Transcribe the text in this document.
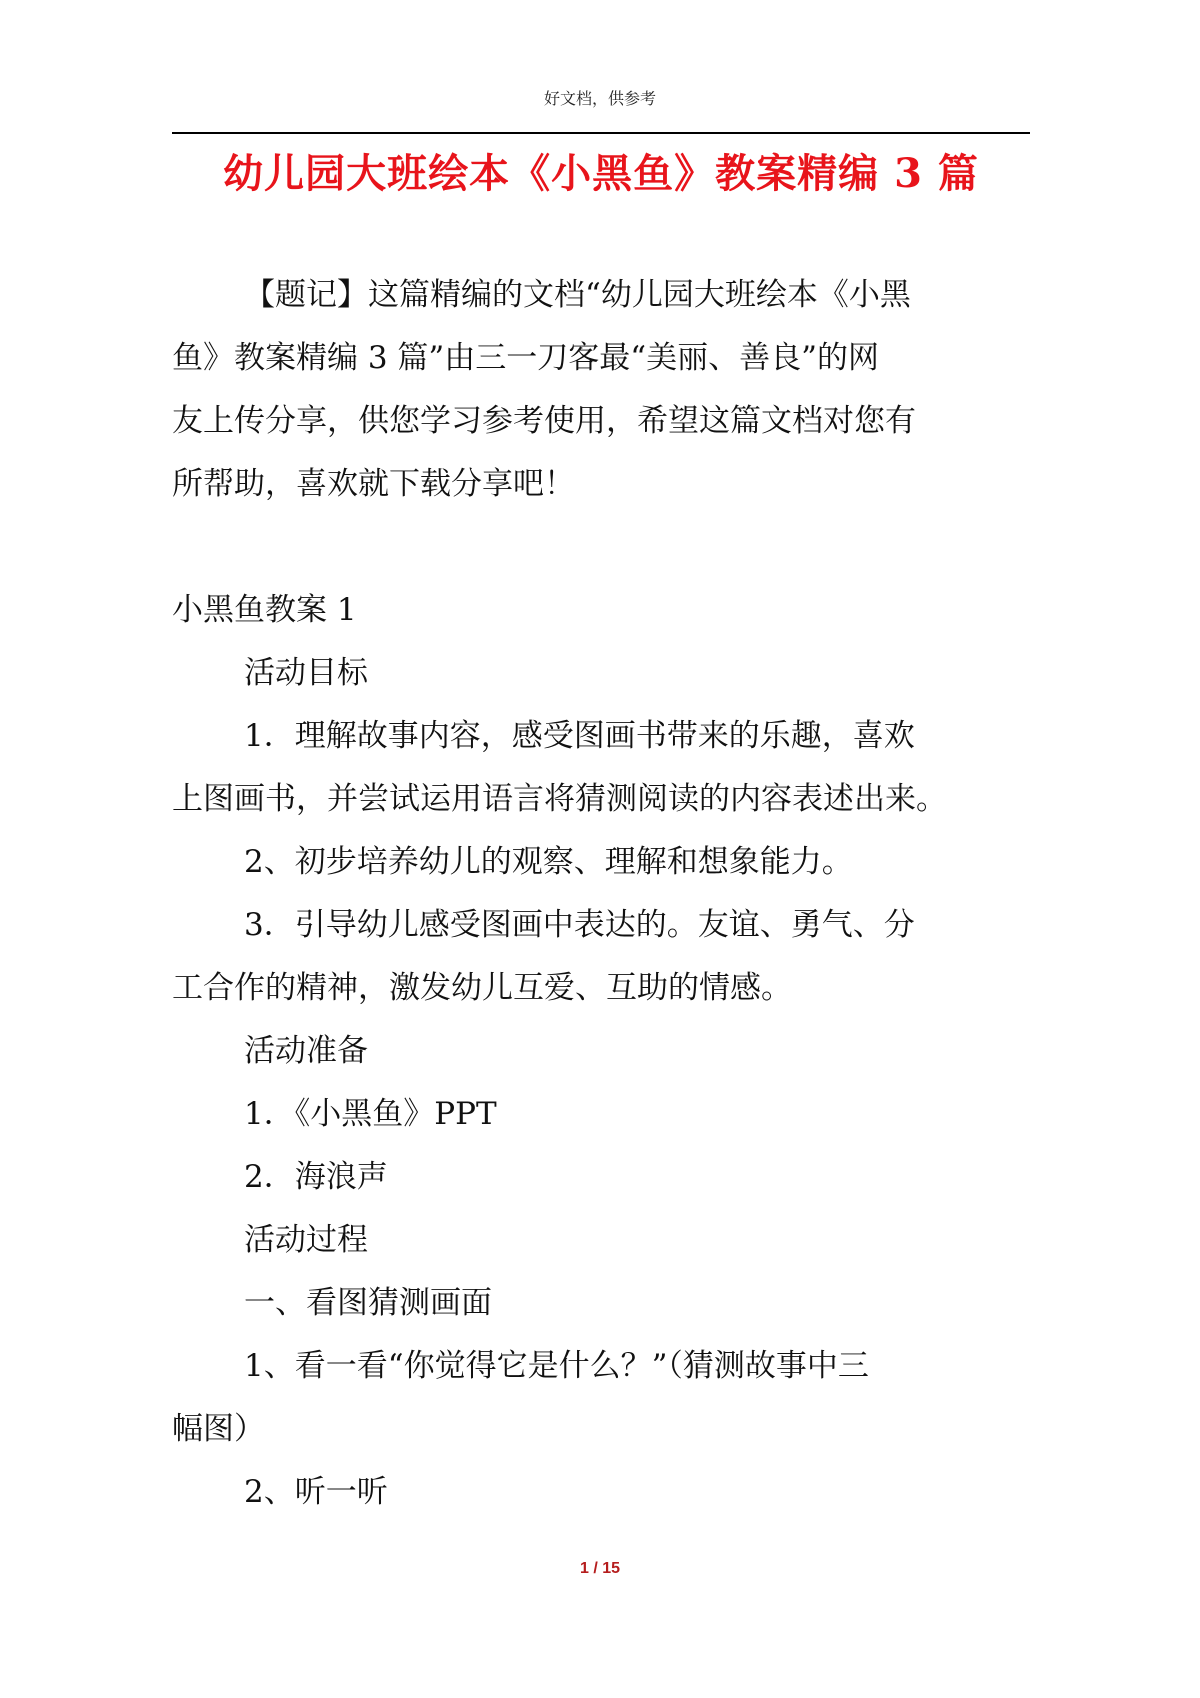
好文档，供参考
幼儿园大班绘本《小黑鱼》教案精编 3 篇
【题记】这篇精编的文档“幼儿园大班绘本《小黑
鱼》教案精编 3 篇”由三一刀客最“美丽、善良”的网
友上传分享，供您学习参考使用，希望这篇文档对您有
所帮助，喜欢就下载分享吧！
小黑鱼教案 1
活动目标
1．理解故事内容，感受图画书带来的乐趣，喜欢
上图画书，并尝试运用语言将猜测阅读的内容表述出来。
2、初步培养幼儿的观察、理解和想象能力。
3．引导幼儿感受图画中表达的。友谊、勇气、分
工合作的精神，激发幼儿互爱、互助的情感。
活动准备
1．《小黑鱼》PPT
2．海浪声
活动过程
一、看图猜测画面
1、看一看“你觉得它是什么？”（猜测故事中三
幅图）
2、听一听
1 / 15
